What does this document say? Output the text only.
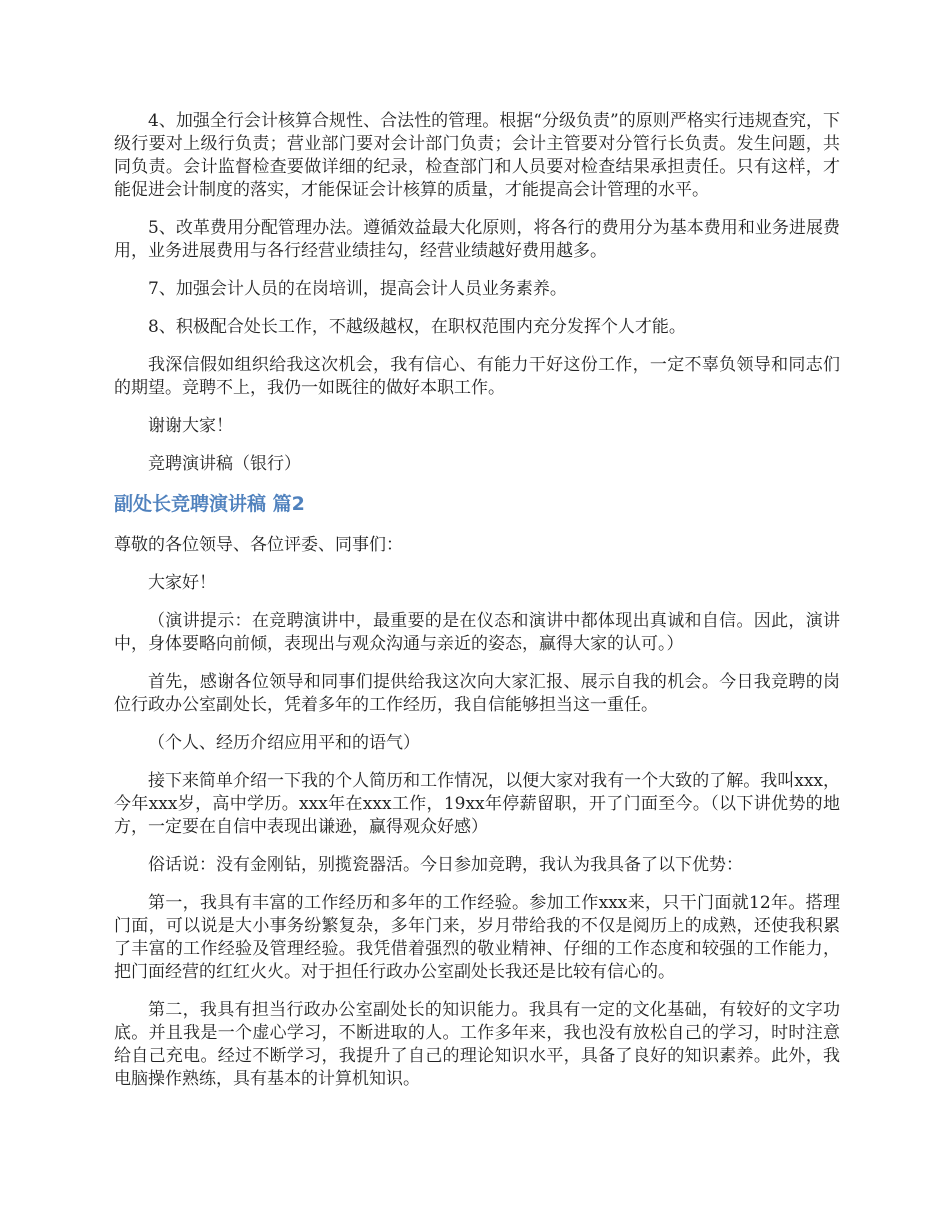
4、加强全行会计核算合规性、合法性的管理。根据“分级负责”的原则严格实行违规查究，下级行要对上级行负责；营业部门要对会计部门负责；会计主管要对分管行长负责。发生问题，共同负责。会计监督检查要做详细的纪录，检查部门和人员要对检查结果承担责任。只有这样，才能促进会计制度的落实，才能保证会计核算的质量，才能提高会计管理的水平。

5、改革费用分配管理办法。遵循效益最大化原则，将各行的费用分为基本费用和业务进展费用，业务进展费用与各行经营业绩挂勾，经营业绩越好费用越多。

7、加强会计人员的在岗培训，提高会计人员业务素养。

8、积极配合处长工作，不越级越权，在职权范围内充分发挥个人才能。

我深信假如组织给我这次机会，我有信心、有能力干好这份工作，一定不辜负领导和同志们的期望。竞聘不上，我仍一如既往的做好本职工作。

谢谢大家！

竞聘演讲稿（银行）

副处长竞聘演讲稿 篇2

尊敬的各位领导、各位评委、同事们：

大家好！

（演讲提示：在竞聘演讲中，最重要的是在仪态和演讲中都体现出真诚和自信。因此，演讲中，身体要略向前倾，表现出与观众沟通与亲近的姿态，赢得大家的认可。）

首先，感谢各位领导和同事们提供给我这次向大家汇报、展示自我的机会。今日我竞聘的岗位行政办公室副处长，凭着多年的工作经历，我自信能够担当这一重任。

（个人、经历介绍应用平和的语气）

接下来简单介绍一下我的个人简历和工作情况，以便大家对我有一个大致的了解。我叫xxx，今年xxx岁，高中学历。xxx年在xxx工作，19xx年停薪留职，开了门面至今。（以下讲优势的地方，一定要在自信中表现出谦逊，赢得观众好感）

俗话说：没有金刚钻，别揽瓷器活。今日参加竞聘，我认为我具备了以下优势：

第一，我具有丰富的工作经历和多年的工作经验。参加工作xxx来，只干门面就12年。搭理门面，可以说是大小事务纷繁复杂，多年门来，岁月带给我的不仅是阅历上的成熟，还使我积累了丰富的工作经验及管理经验。我凭借着强烈的敬业精神、仔细的工作态度和较强的工作能力，把门面经营的红红火火。对于担任行政办公室副处长我还是比较有信心的。

第二，我具有担当行政办公室副处长的知识能力。我具有一定的文化基础，有较好的文字功底。并且我是一个虚心学习，不断进取的人。工作多年来，我也没有放松自己的学习，时时注意给自己充电。经过不断学习，我提升了自己的理论知识水平，具备了良好的知识素养。此外，我电脑操作熟练，具有基本的计算机知识。
